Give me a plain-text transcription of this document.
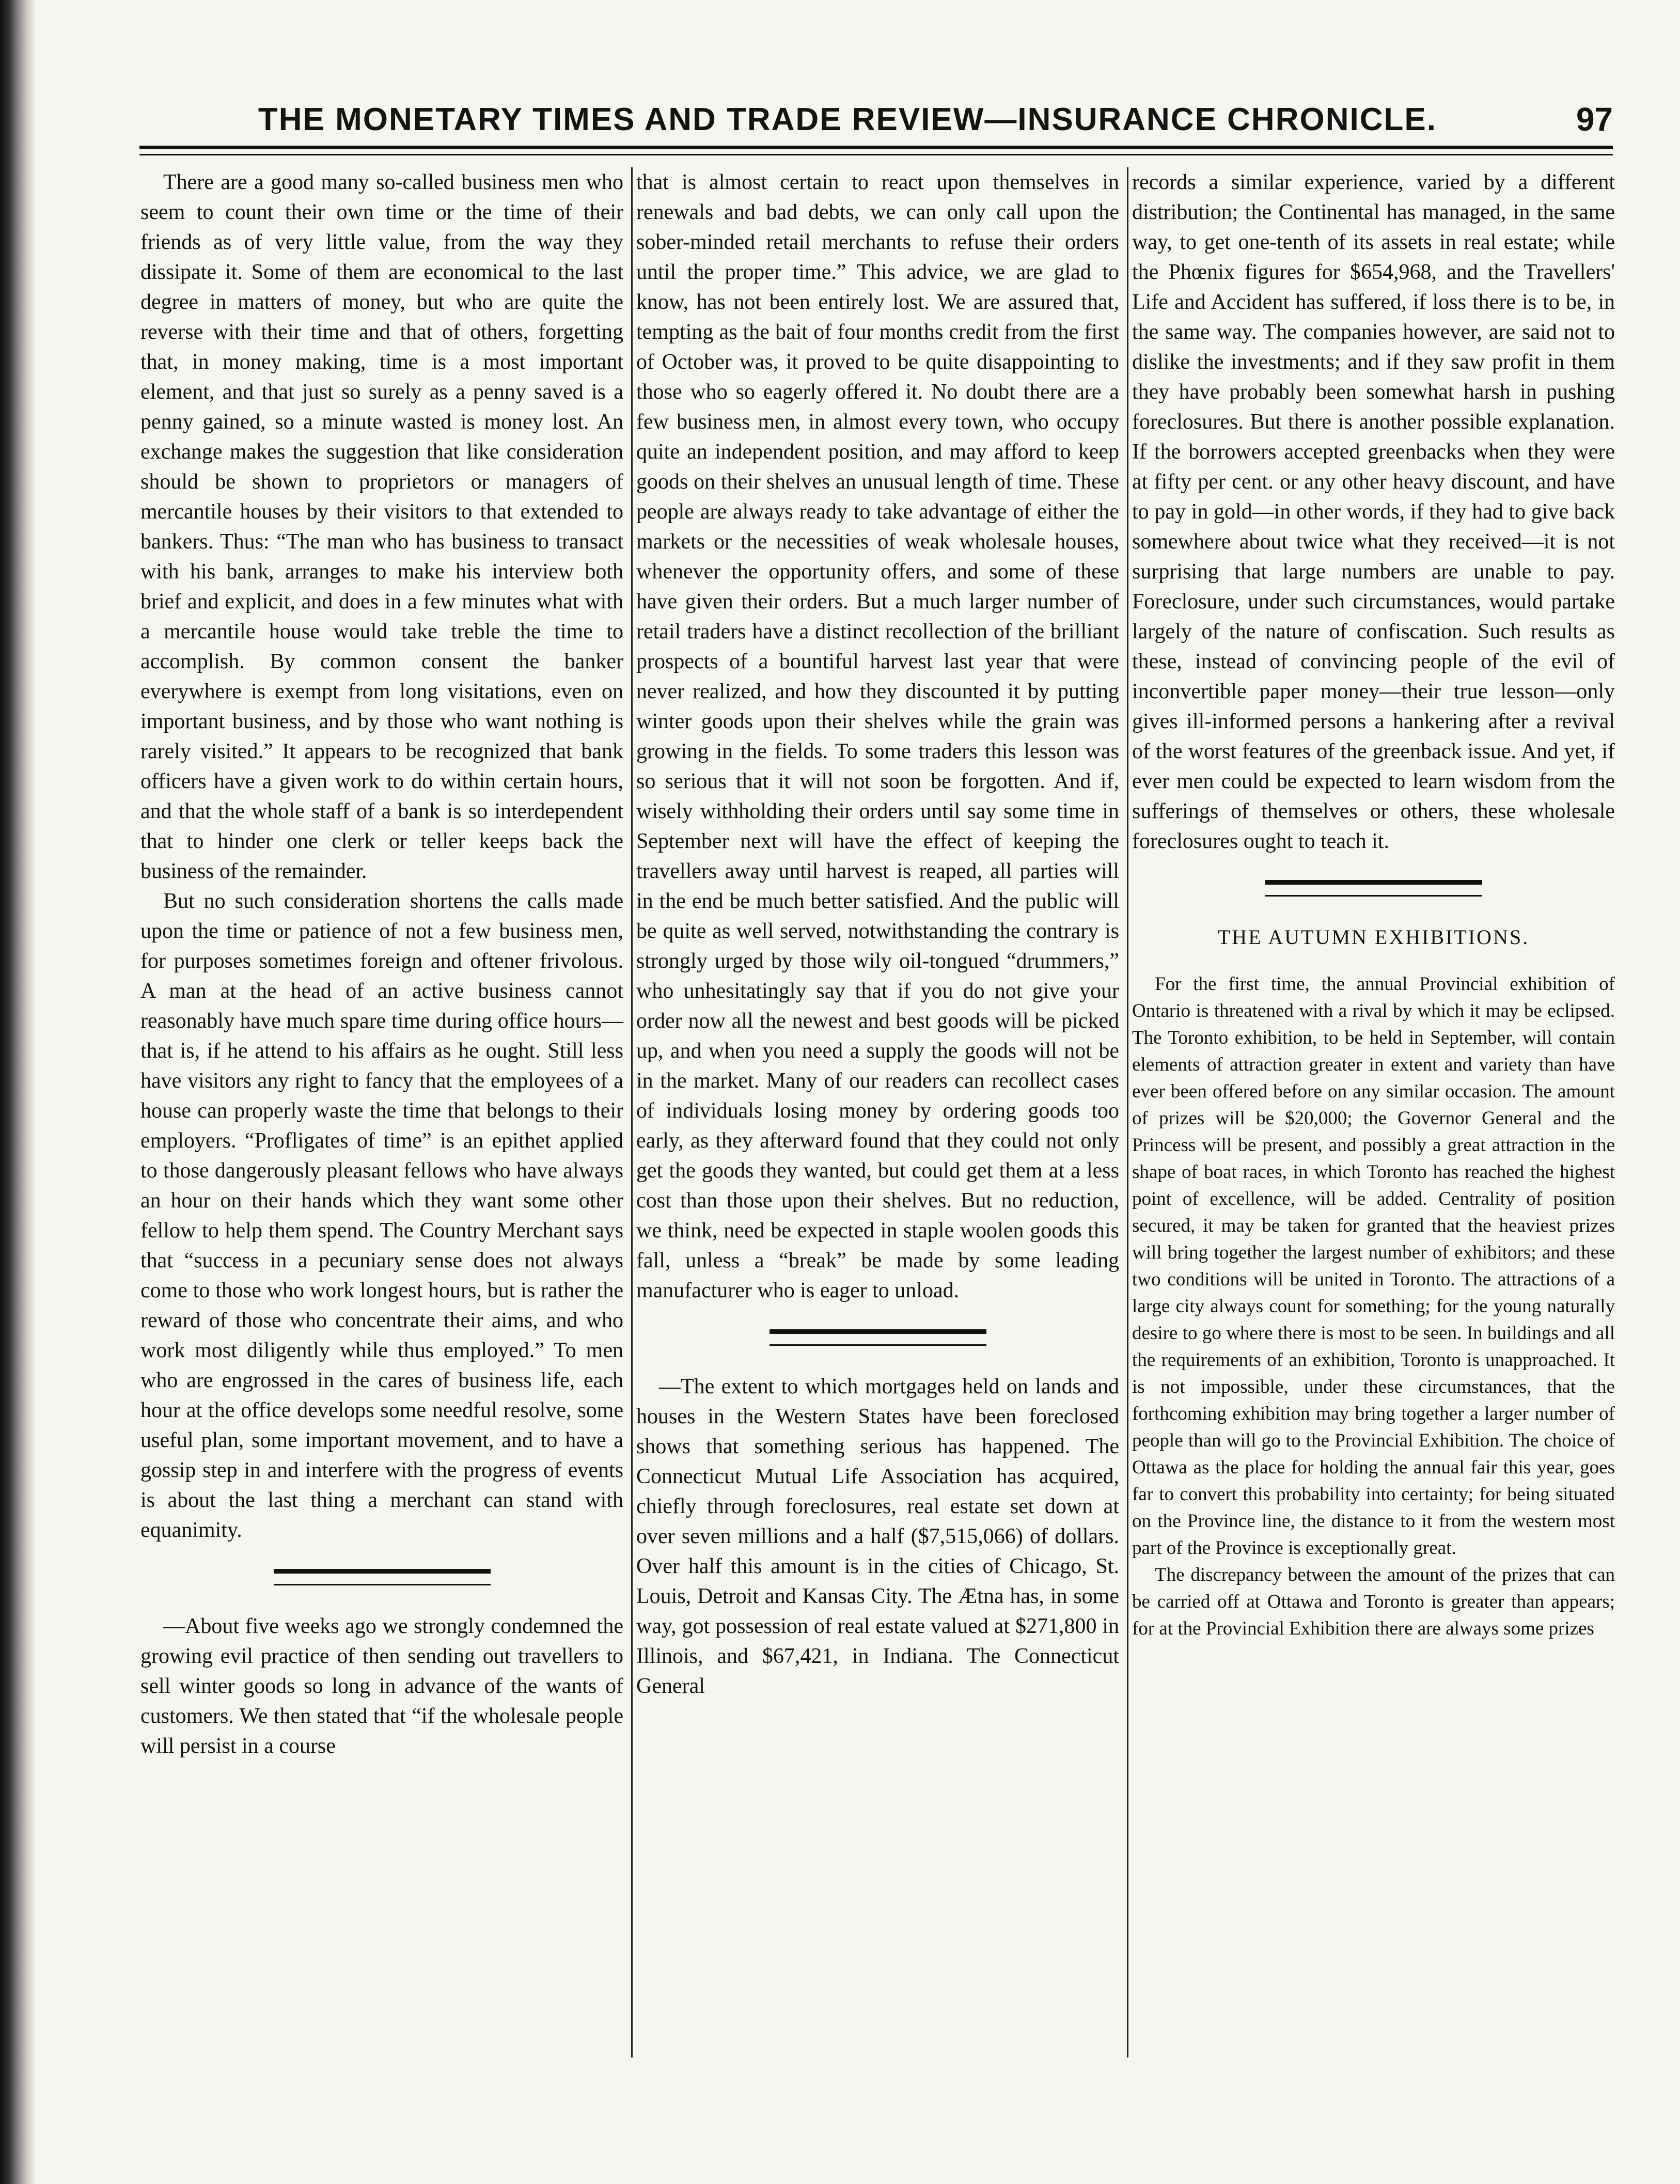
THE MONETARY TIMES AND TRADE REVIEW—INSURANCE CHRONICLE.	97

There are a good many so-called business men who seem to count their own time or the time of their friends as of very little value, from the way they dissipate it. Some of them are economical to the last degree in matters of money, but who are quite the reverse with their time and that of others, forgetting that, in money making, time is a most important element, and that just so surely as a penny saved is a penny gained, so a minute wasted is money lost. An exchange makes the suggestion that like consideration should be shown to proprietors or managers of mercantile houses by their visitors to that extended to bankers. Thus: “The man who has business to transact with his bank, arranges to make his interview both brief and explicit, and does in a few minutes what with a mercantile house would take treble the time to accomplish. By common consent the banker everywhere is exempt from long visitations, even on important business, and by those who want nothing is rarely visited.” It appears to be recognized that bank officers have a given work to do within certain hours, and that the whole staff of a bank is so interdependent that to hinder one clerk or teller keeps back the business of the remainder.

But no such consideration shortens the calls made upon the time or patience of not a few business men, for purposes sometimes foreign and oftener frivolous. A man at the head of an active business cannot reasonably have much spare time during office hours—that is, if he attend to his affairs as he ought. Still less have visitors any right to fancy that the employees of a house can properly waste the time that belongs to their employers. “Profligates of time” is an epithet applied to those dangerously pleasant fellows who have always an hour on their hands which they want some other fellow to help them spend. The Country Merchant says that “success in a pecuniary sense does not always come to those who work longest hours, but is rather the reward of those who concentrate their aims, and who work most diligently while thus employed.” To men who are engrossed in the cares of business life, each hour at the office develops some needful resolve, some useful plan, some important movement, and to have a gossip step in and interfere with the progress of events is about the last thing a merchant can stand with equanimity.

—About five weeks ago we strongly condemned the growing evil practice of then sending out travellers to sell winter goods so long in advance of the wants of customers. We then stated that “if the wholesale people will persist in a course

that is almost certain to react upon themselves in renewals and bad debts, we can only call upon the sober-minded retail merchants to refuse their orders until the proper time.” This advice, we are glad to know, has not been entirely lost. We are assured that, tempting as the bait of four months credit from the first of October was, it proved to be quite disappointing to those who so eagerly offered it. No doubt there are a few business men, in almost every town, who occupy quite an independent position, and may afford to keep goods on their shelves an unusual length of time. These people are always ready to take advantage of either the markets or the necessities of weak wholesale houses, whenever the opportunity offers, and some of these have given their orders. But a much larger number of retail traders have a distinct recollection of the brilliant prospects of a bountiful harvest last year that were never realized, and how they discounted it by putting winter goods upon their shelves while the grain was growing in the fields. To some traders this lesson was so serious that it will not soon be forgotten. And if, wisely withholding their orders until say some time in September next will have the effect of keeping the travellers away until harvest is reaped, all parties will in the end be much better satisfied. And the public will be quite as well served, notwithstanding the contrary is strongly urged by those wily oil-tongued “drummers,” who unhesitatingly say that if you do not give your order now all the newest and best goods will be picked up, and when you need a supply the goods will not be in the market. Many of our readers can recollect cases of individuals losing money by ordering goods too early, as they afterward found that they could not only get the goods they wanted, but could get them at a less cost than those upon their shelves. But no reduction, we think, need be expected in staple woolen goods this fall, unless a “break” be made by some leading manufacturer who is eager to unload.

—The extent to which mortgages held on lands and houses in the Western States have been foreclosed shows that something serious has happened. The Connecticut Mutual Life Association has acquired, chiefly through foreclosures, real estate set down at over seven millions and a half ($7,515,066) of dollars. Over half this amount is in the cities of Chicago, St. Louis, Detroit and Kansas City. The Ætna has, in some way, got possession of real estate valued at $271,800 in Illinois, and $67,421, in Indiana. The Connecticut General

records a similar experience, varied by a different distribution; the Continental has managed, in the same way, to get one-tenth of its assets in real estate; while the Phœnix figures for $654,968, and the Travellers' Life and Accident has suffered, if loss there is to be, in the same way. The companies however, are said not to dislike the investments; and if they saw profit in them they have probably been somewhat harsh in pushing foreclosures. But there is another possible explanation. If the borrowers accepted greenbacks when they were at fifty per cent. or any other heavy discount, and have to pay in gold—in other words, if they had to give back somewhere about twice what they received—it is not surprising that large numbers are unable to pay. Foreclosure, under such circumstances, would partake largely of the nature of confiscation. Such results as these, instead of convincing people of the evil of inconvertible paper money—their true lesson—only gives ill-informed persons a hankering after a revival of the worst features of the greenback issue. And yet, if ever men could be expected to learn wisdom from the sufferings of themselves or others, these wholesale foreclosures ought to teach it.

THE AUTUMN EXHIBITIONS.

For the first time, the annual Provincial exhibition of Ontario is threatened with a rival by which it may be eclipsed. The Toronto exhibition, to be held in September, will contain elements of attraction greater in extent and variety than have ever been offered before on any similar occasion. The amount of prizes will be $20,000; the Governor General and the Princess will be present, and possibly a great attraction in the shape of boat races, in which Toronto has reached the highest point of excellence, will be added. Centrality of position secured, it may be taken for granted that the heaviest prizes will bring together the largest number of exhibitors; and these two conditions will be united in Toronto. The attractions of a large city always count for something; for the young naturally desire to go where there is most to be seen. In buildings and all the requirements of an exhibition, Toronto is unapproached. It is not impossible, under these circumstances, that the forthcoming exhibition may bring together a larger number of people than will go to the Provincial Exhibition. The choice of Ottawa as the place for holding the annual fair this year, goes far to convert this probability into certainty; for being situated on the Province line, the distance to it from the western most part of the Province is exceptionally great.

The discrepancy between the amount of the prizes that can be carried off at Ottawa and Toronto is greater than appears; for at the Provincial Exhibition there are always some prizes
